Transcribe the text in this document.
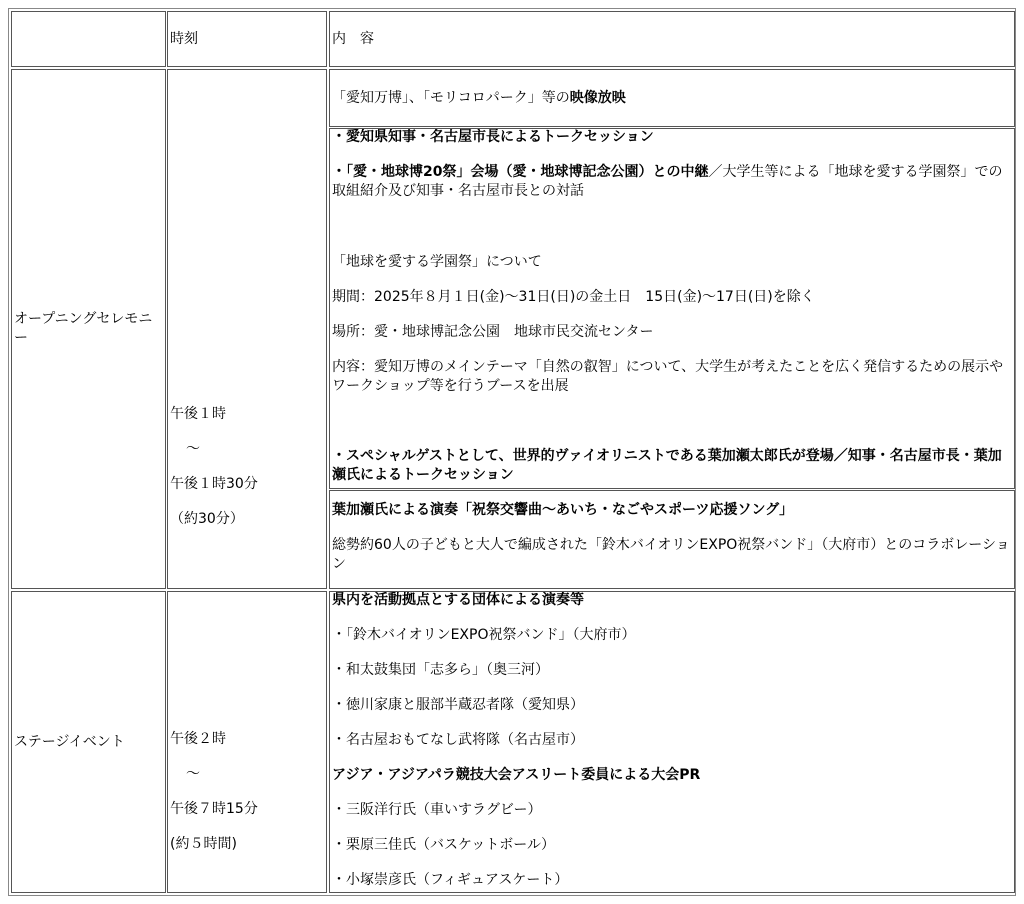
時刻	内　容
オープニングセレモニー

午後１時

～

午後１時30分

（約30分）

「愛知万博」、「モリコロパーク」等の映像放映

・愛知県知事・名古屋市長によるトークセッション

・「愛・地球博20祭」会場（愛・地球博記念公園）との中継／大学生等による「地球を愛する学園祭」での取組紹介及び知事・名古屋市長との対話

「地球を愛する学園祭」について

期間：2025年８月１日(金)～31日(日)の金土日　15日(金)～17日(日)を除く

場所：愛・地球博記念公園　地球市民交流センター

内容：愛知万博のメインテーマ「自然の叡智」について、大学生が考えたことを広く発信するための展示やワークショップ等を行うブースを出展

・スペシャルゲストとして、世界的ヴァイオリニストである葉加瀬太郎氏が登場／知事・名古屋市長・葉加瀬氏によるトークセッション

葉加瀬氏による演奏「祝祭交響曲～あいち・なごやスポーツ応援ソング」

総勢約60人の子どもと大人で編成された「鈴木バイオリンEXPO祝祭バンド」（大府市）とのコラボレーション

ステージイベント	午後２時

～

午後７時15分

(約５時間)

県内を活動拠点とする団体による演奏等

・「鈴木バイオリンEXPO祝祭バンド」（大府市）

・和太鼓集団「志多ら」（奥三河）

・徳川家康と服部半蔵忍者隊（愛知県）

・名古屋おもてなし武将隊（名古屋市）

アジア・アジアパラ競技大会アスリート委員による大会PR

・三阪洋行氏（車いすラグビー）

・栗原三佳氏（バスケットボール）

・小塚崇彦氏（フィギュアスケート）
